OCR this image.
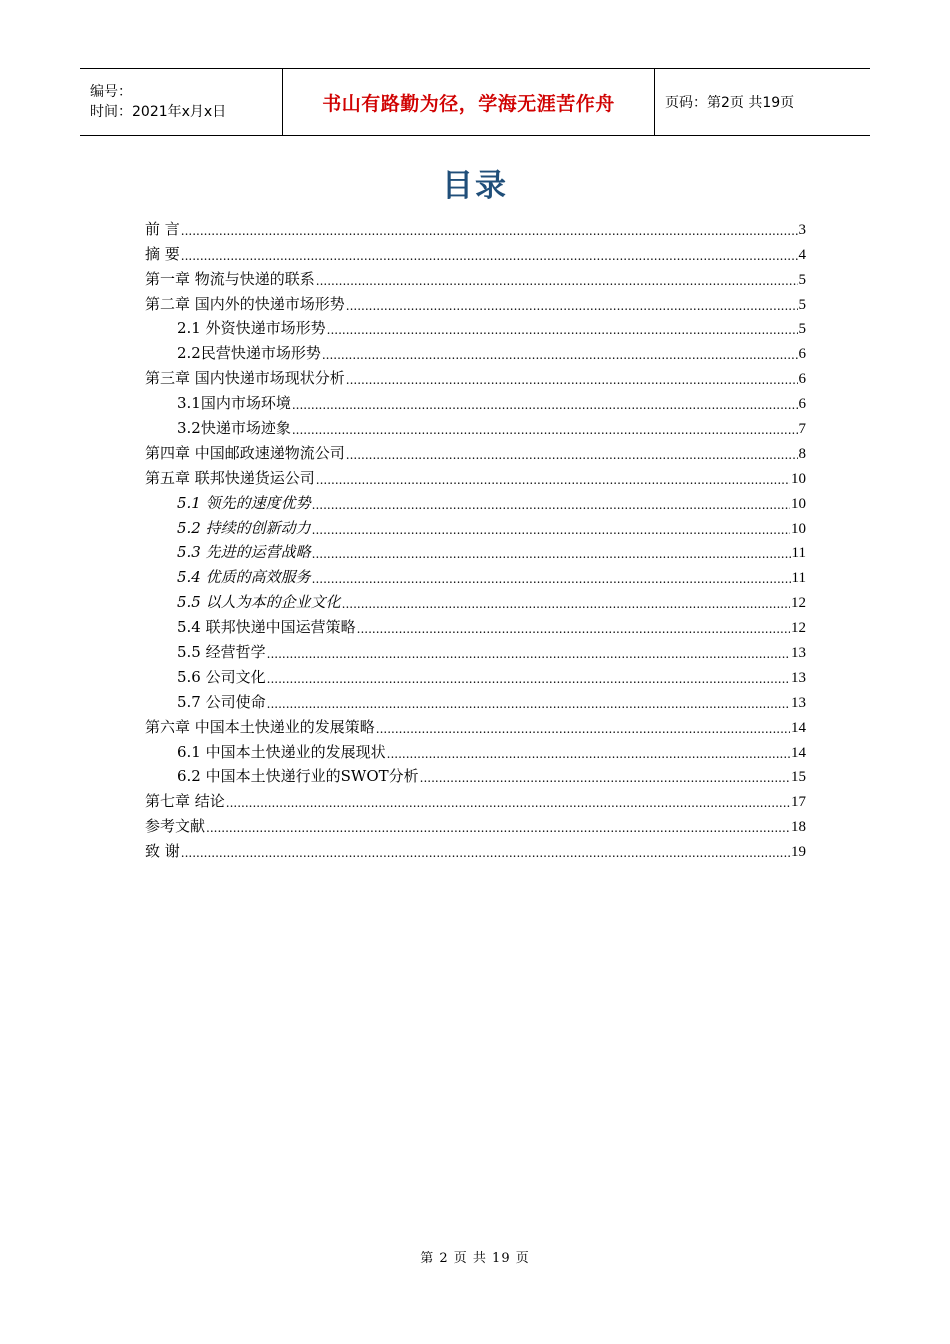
编号：
时间：2021年x月x日	书山有路勤为径，学海无涯苦作舟	页码：第2页 共19页
目录
前 言 .....	3
摘 要 .....	4
第一章 物流与快递的联系 .....	5
第二章 国内外的快递市场形势 .....	5
2.1 外资快递市场形势 .....	5
2.2民营快递市场形势 .....	6
第三章 国内快递市场现状分析 .....	6
3.1国内市场环境 .....	6
3.2快递市场迹象 .....	7
第四章 中国邮政速递物流公司 .....	8
第五章 联邦快递货运公司 .....	10
5.1 领先的速度优势 .....	10
5.2 持续的创新动力 .....	10
5.3 先进的运营战略 .....	11
5.4 优质的高效服务 .....	11
5.5 以人为本的企业文化 .....	12
5.4 联邦快递中国运营策略 .....	12
5.5 经营哲学 .....	13
5.6 公司文化 .....	13
5.7 公司使命 .....	13
第六章 中国本土快递业的发展策略 .....	14
6.1 中国本土快递业的发展现状 .....	14
6.2 中国本土快递行业的SWOT分析 .....	15
第七章 结论 .....	17
参考文献 .....	18
致 谢 .....	19
第 2 页 共 19 页
